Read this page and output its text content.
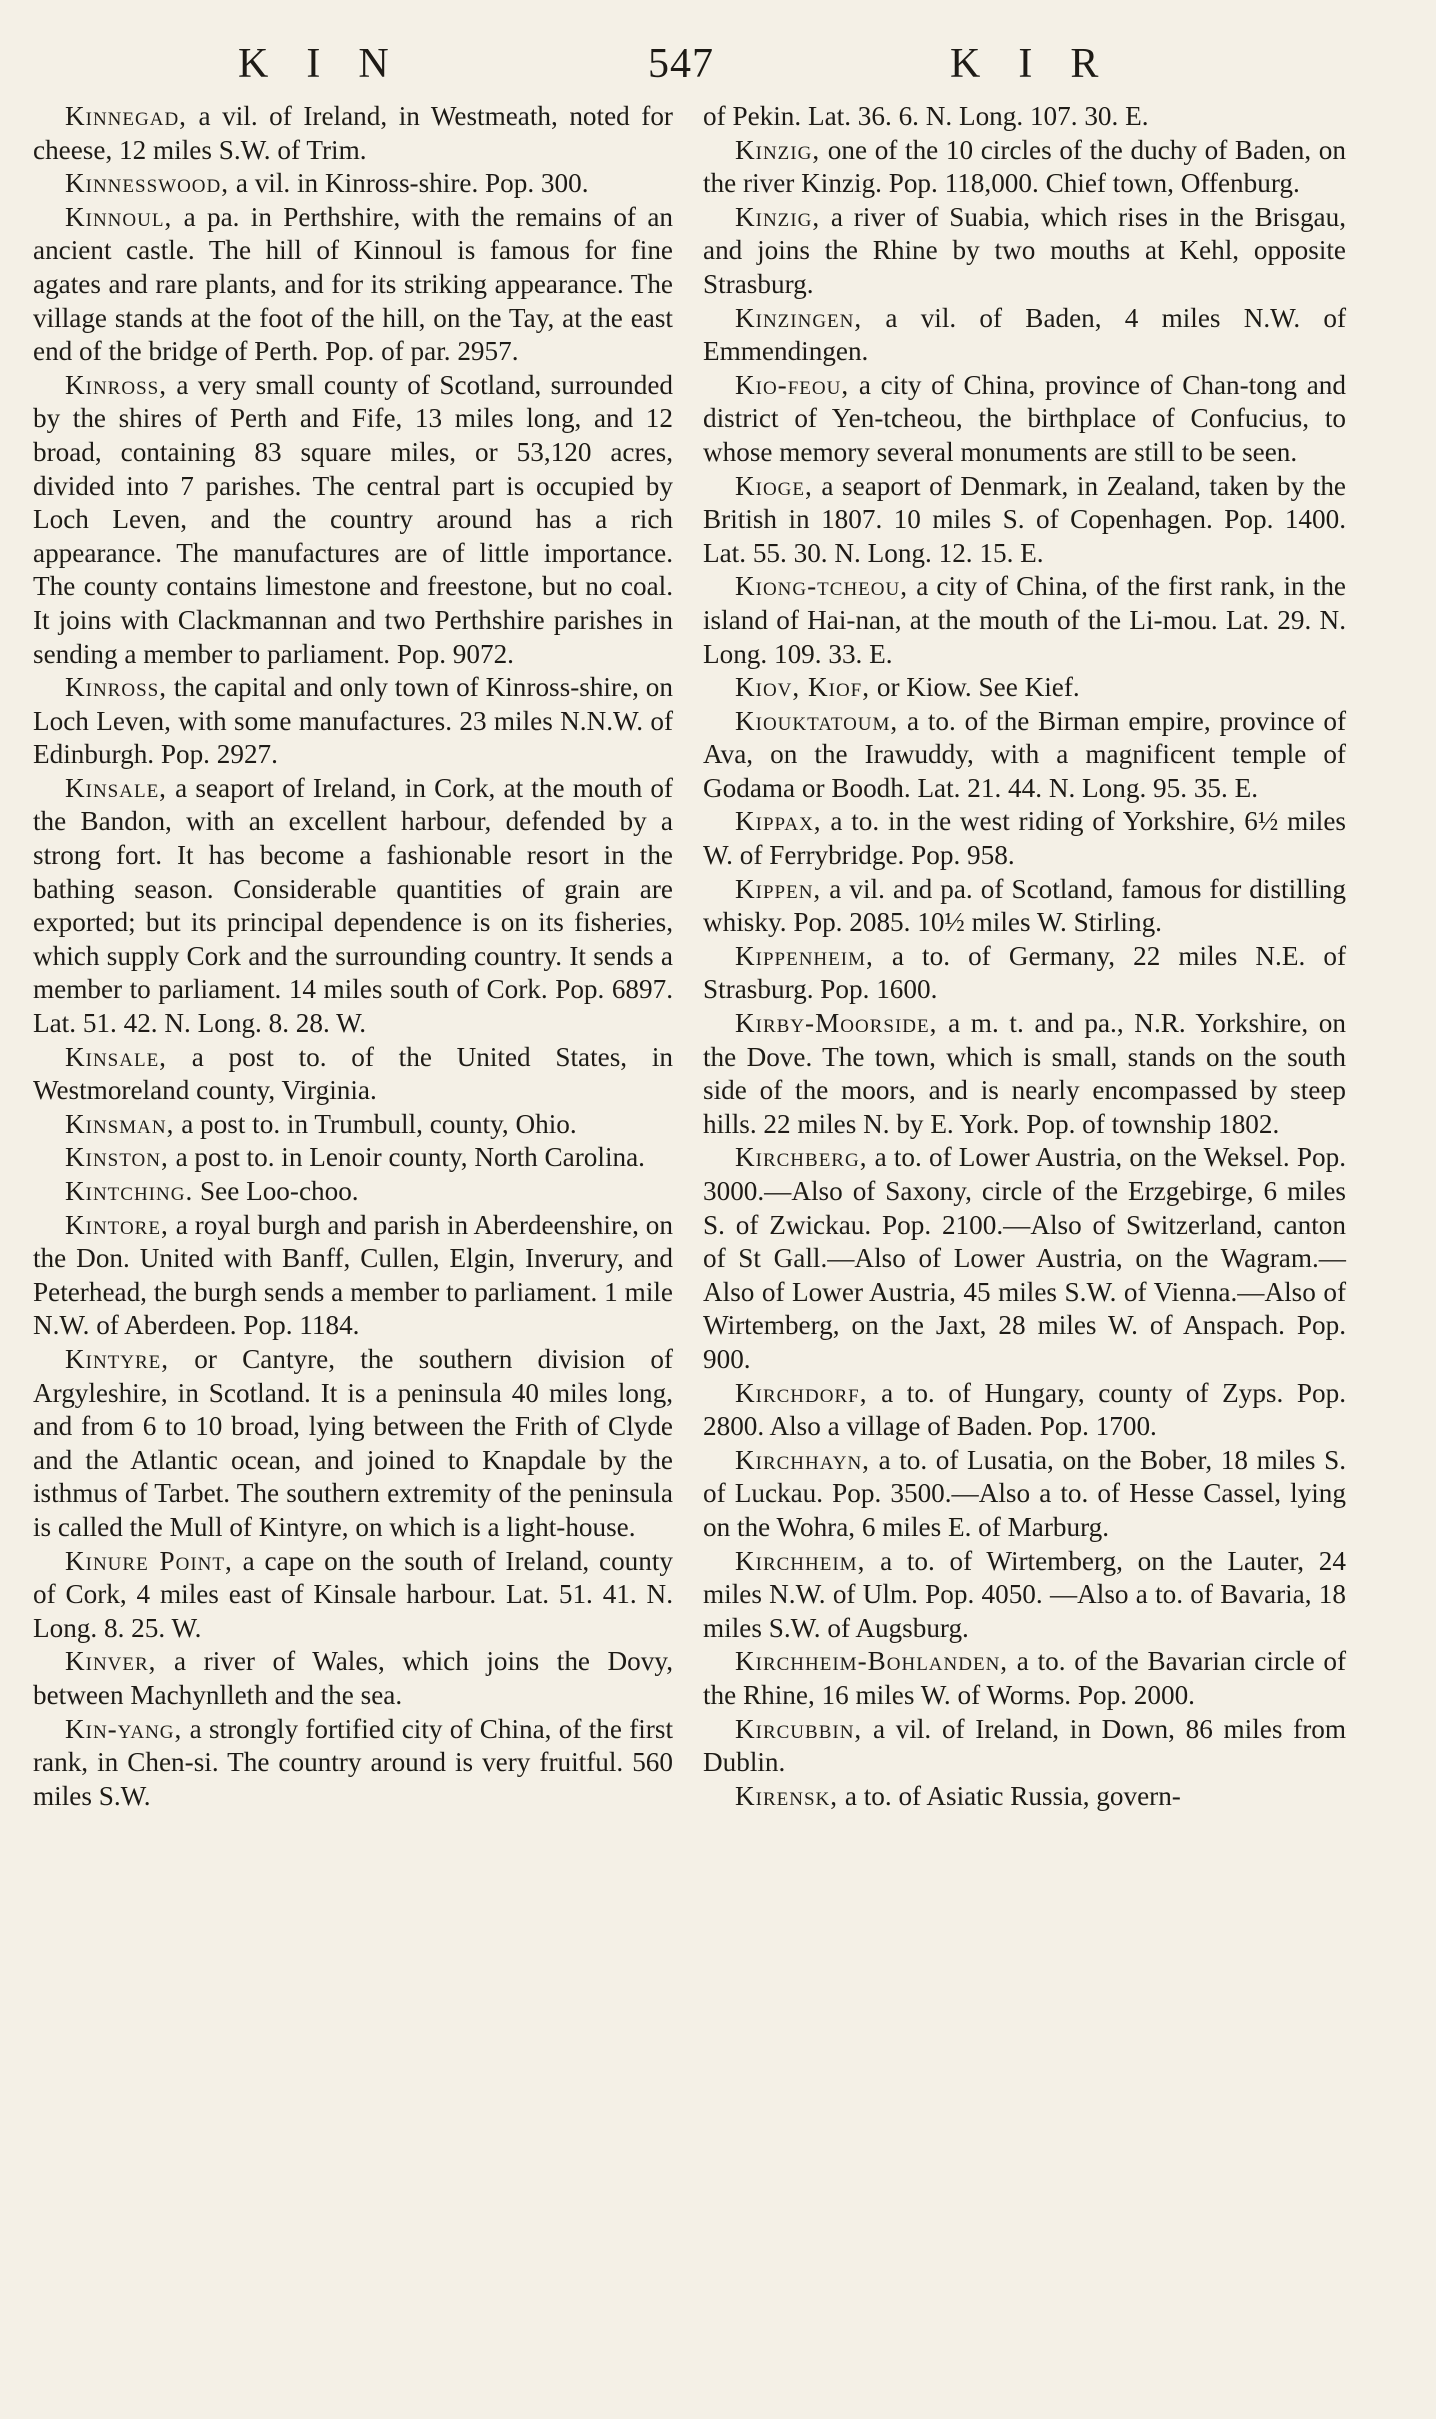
KIN	547	KIR

Kinnegad, a vil. of Ireland, in Westmeath, noted for cheese, 12 miles S.W. of Trim.

Kinnesswood, a vil. in Kinross-shire. Pop. 300.

Kinnoul, a pa. in Perthshire, with the remains of an ancient castle. The hill of Kinnoul is famous for fine agates and rare plants, and for its striking appearance. The village stands at the foot of the hill, on the Tay, at the east end of the bridge of Perth. Pop. of par. 2957.

Kinross, a very small county of Scotland, surrounded by the shires of Perth and Fife, 13 miles long, and 12 broad, containing 83 square miles, or 53,120 acres, divided into 7 parishes. The central part is occupied by Loch Leven, and the country around has a rich appearance. The manufactures are of little importance. The county contains limestone and freestone, but no coal. It joins with Clackmannan and two Perthshire parishes in sending a member to parliament. Pop. 9072.

Kinross, the capital and only town of Kinross-shire, on Loch Leven, with some manufactures. 23 miles N.N.W. of Edinburgh. Pop. 2927.

Kinsale, a seaport of Ireland, in Cork, at the mouth of the Bandon, with an excellent harbour, defended by a strong fort. It has become a fashionable resort in the bathing season. Considerable quantities of grain are exported; but its principal dependence is on its fisheries, which supply Cork and the surrounding country. It sends a member to parliament. 14 miles south of Cork. Pop. 6897. Lat. 51. 42. N. Long. 8. 28. W.

Kinsale, a post to. of the United States, in Westmoreland county, Virginia.

Kinsman, a post to. in Trumbull, county, Ohio.

Kinston, a post to. in Lenoir county, North Carolina.

Kintching. See Loo-choo.

Kintore, a royal burgh and parish in Aberdeenshire, on the Don. United with Banff, Cullen, Elgin, Inverury, and Peterhead, the burgh sends a member to parliament. 1 mile N.W. of Aberdeen. Pop. 1184.

Kintyre, or Cantyre, the southern division of Argyleshire, in Scotland. It is a peninsula 40 miles long, and from 6 to 10 broad, lying between the Frith of Clyde and the Atlantic ocean, and joined to Knapdale by the isthmus of Tarbet. The southern extremity of the peninsula is called the Mull of Kintyre, on which is a light-house.

Kinure Point, a cape on the south of Ireland, county of Cork, 4 miles east of Kinsale harbour. Lat. 51. 41. N. Long. 8. 25. W.

Kinver, a river of Wales, which joins the Dovy, between Machynlleth and the sea.

Kin-yang, a strongly fortified city of China, of the first rank, in Chen-si. The country around is very fruitful. 560 miles S.W.

of Pekin. Lat. 36. 6. N. Long. 107. 30. E.

Kinzig, one of the 10 circles of the duchy of Baden, on the river Kinzig. Pop. 118,000. Chief town, Offenburg.

Kinzig, a river of Suabia, which rises in the Brisgau, and joins the Rhine by two mouths at Kehl, opposite Strasburg.

Kinzingen, a vil. of Baden, 4 miles N.W. of Emmendingen.

Kio-feou, a city of China, province of Chan-tong and district of Yen-tcheou, the birthplace of Confucius, to whose memory several monuments are still to be seen.

Kioge, a seaport of Denmark, in Zealand, taken by the British in 1807. 10 miles S. of Copenhagen. Pop. 1400. Lat. 55. 30. N. Long. 12. 15. E.

Kiong-tcheou, a city of China, of the first rank, in the island of Hai-nan, at the mouth of the Li-mou. Lat. 29. N. Long. 109. 33. E.

Kiov, Kiof, or Kiow. See Kief.

Kiouktatoum, a to. of the Birman empire, province of Ava, on the Irawuddy, with a magnificent temple of Godama or Boodh. Lat. 21. 44. N. Long. 95. 35. E.

Kippax, a to. in the west riding of Yorkshire, 6½ miles W. of Ferrybridge. Pop. 958.

Kippen, a vil. and pa. of Scotland, famous for distilling whisky. Pop. 2085. 10½ miles W. Stirling.

Kippenheim, a to. of Germany, 22 miles N.E. of Strasburg. Pop. 1600.

Kirby-Moorside, a m. t. and pa., N.R. Yorkshire, on the Dove. The town, which is small, stands on the south side of the moors, and is nearly encompassed by steep hills. 22 miles N. by E. York. Pop. of township 1802.

Kirchberg, a to. of Lower Austria, on the Weksel. Pop. 3000.—Also of Saxony, circle of the Erzgebirge, 6 miles S. of Zwickau. Pop. 2100.—Also of Switzerland, canton of St Gall.—Also of Lower Austria, on the Wagram.—Also of Lower Austria, 45 miles S.W. of Vienna.—Also of Wirtemberg, on the Jaxt, 28 miles W. of Anspach. Pop. 900.

Kirchdorf, a to. of Hungary, county of Zyps. Pop. 2800. Also a village of Baden. Pop. 1700.

Kirchhayn, a to. of Lusatia, on the Bober, 18 miles S. of Luckau. Pop. 3500.—Also a to. of Hesse Cassel, lying on the Wohra, 6 miles E. of Marburg.

Kirchheim, a to. of Wirtemberg, on the Lauter, 24 miles N.W. of Ulm. Pop. 4050. —Also a to. of Bavaria, 18 miles S.W. of Augsburg.

Kirchheim-Bohlanden, a to. of the Bavarian circle of the Rhine, 16 miles W. of Worms. Pop. 2000.

Kircubbin, a vil. of Ireland, in Down, 86 miles from Dublin.

Kirensk, a to. of Asiatic Russia, govern-
